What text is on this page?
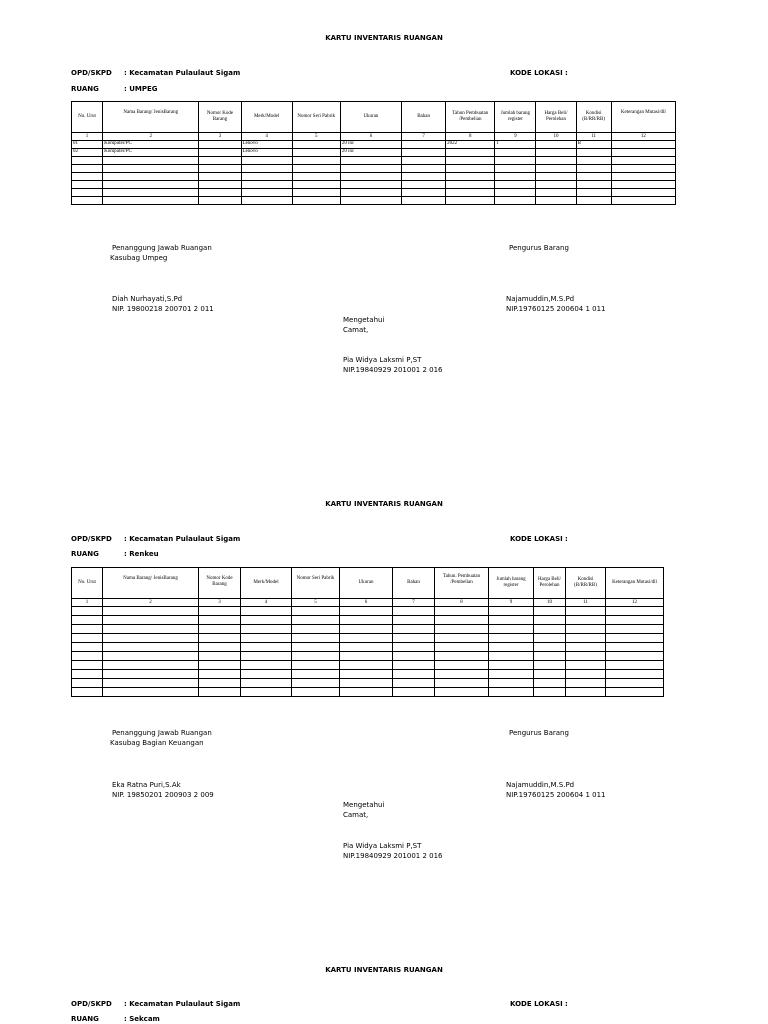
KARTU INVENTARIS RUANGAN
OPD/SKPD : Kecamatan Pulaulaut Sigam	KODE LOKASI :
RUANG	: UMPEG
No. Urut	Nama Barang/ JenisBarang	Nomor Kode Barang	Merk/Model	Nomor Seri Pabrik	Ukuran	Bahan	Tahun Pembuatan /Pembelian	Jumlah barang register	Harga Beli/ Perolehan	Kondisi (B/RR/RB)	Keterangan Mutasi/dll
1	2	3	4	5	6	7	8	9	10	11	12
01	Komputer/PC		Lenovo		20 inc		2022	1		B	
02	Komputer/PC		Lenovo		20 inc						

Penanggung Jawab Ruangan
Kasubag Umpeg
Diah Nurhayati,S.Pd
NIP. 19800218 200701 2 011
Pengurus Barang
Najamuddin,M.S.Pd
NIP.19760125 200604 1 011
Mengetahui
Camat,
Pia Widya Laksmi P,ST
NIP.19840929 201001 2 016
KARTU INVENTARIS RUANGAN
OPD/SKPD : Kecamatan Pulaulaut Sigam	KODE LOKASI :
RUANG	: Renkeu
No. Urut	Nama Barang/ JenisBarang	Nomor Kode Barang	Merk/Model	Nomor Seri Pabrik	Ukuran	Bahan	Tahun. Pembuatan /Pembelian	Jumlah barang register	Harga Beli/ Perolehan	Kondisi (B/RR/RB)	Keterangan Mutasi/dll
1	2	3	4	5	6	7	8	9	10	11	12

Penanggung Jawab Ruangan
Kasubag Bagian Keuangan
Eka Ratna Puri,S.Ak
NIP. 19850201 200903 2 009
Pengurus Barang
Najamuddin,M.S.Pd
NIP.19760125 200604 1 011
Mengetahui
Camat,
Pia Widya Laksmi P,ST
NIP.19840929 201001 2 016
KARTU INVENTARIS RUANGAN
OPD/SKPD : Kecamatan Pulaulaut Sigam	KODE LOKASI :
RUANG	: Sekcam
